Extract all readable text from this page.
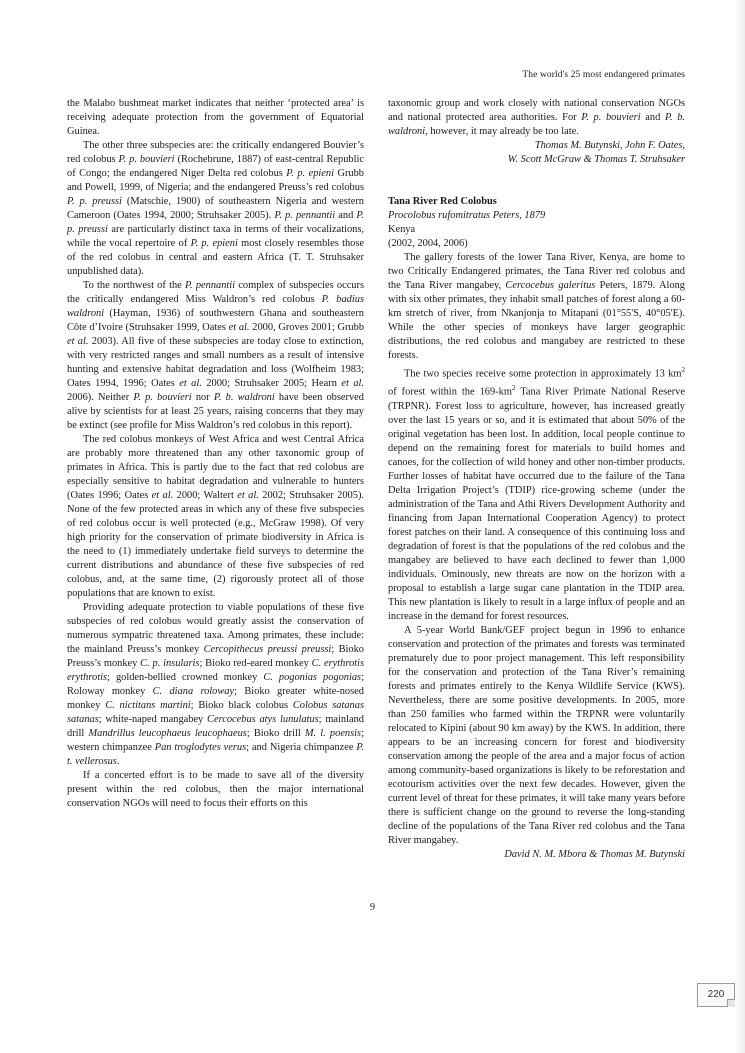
The world's 25 most endangered primates

the Malabo bushmeat market indicates that neither ‘protected area’ is receiving adequate protection from the government of Equatorial Guinea.

The other three subspecies are: the critically endangered Bouvier’s red colobus P. p. bouvieri (Rochebrune, 1887) of east-central Republic of Congo; the endangered Niger Delta red colobus P. p. epieni Grubb and Powell, 1999, of Nigeria; and the endangered Preuss’s red colobus P. p. preussi (Matschie, 1900) of southeastern Nigeria and western Cameroon (Oates 1994, 2000; Struhsaker 2005). P. p. pennantii and P. p. preussi are particularly distinct taxa in terms of their vocalizations, while the vocal repertoire of P. p. epieni most closely resembles those of the red colobus in central and eastern Africa (T. T. Struhsaker unpublished data).

To the northwest of the P. pennantii complex of subspecies occurs the critically endangered Miss Waldron’s red colobus P. badius waldroni (Hayman, 1936) of southwestern Ghana and southeastern Côte d’Ivoire (Struhsaker 1999, Oates et al. 2000, Groves 2001; Grubb et al. 2003). All five of these subspecies are today close to extinction, with very restricted ranges and small numbers as a result of intensive hunting and extensive habitat degradation and loss (Wolfheim 1983; Oates 1994, 1996; Oates et al. 2000; Struhsaker 2005; Hearn et al. 2006). Neither P. p. bouvieri nor P. b. waldroni have been observed alive by scientists for at least 25 years, raising concerns that they may be extinct (see profile for Miss Waldron’s red colobus in this report).

The red colobus monkeys of West Africa and west Central Africa are probably more threatened than any other taxonomic group of primates in Africa. This is partly due to the fact that red colobus are especially sensitive to habitat degradation and vulnerable to hunters (Oates 1996; Oates et al. 2000; Waltert et al. 2002; Struhsaker 2005). None of the few protected areas in which any of these five subspecies of red colobus occur is well protected (e.g., McGraw 1998). Of very high priority for the conservation of primate biodiversity in Africa is the need to (1) immediately undertake field surveys to determine the current distributions and abundance of these five subspecies of red colobus, and, at the same time, (2) rigorously protect all of those populations that are known to exist.

Providing adequate protection to viable populations of these five subspecies of red colobus would greatly assist the conservation of numerous sympatric threatened taxa. Among primates, these include: the mainland Preuss’s monkey Cercopithecus preussi preussi; Bioko Preuss’s monkey C. p. insularis; Bioko red-eared monkey C. erythrotis erythrotis; golden-bellied crowned monkey C. pogonias pogonias; Roloway monkey C. diana roloway; Bioko greater white-nosed monkey C. nictitans martini; Bioko black colobus Colobus satanas satanas; white-naped mangabey Cercocebus atys lunulatus; mainland drill Mandrillus leucophaeus leucophaeus; Bioko drill M. l. poensis; western chimpanzee Pan troglodytes verus; and Nigeria chimpanzee P. t. vellerosus.

If a concerted effort is to be made to save all of the diversity present within the red colobus, then the major international conservation NGOs will need to focus their efforts on this

taxonomic group and work closely with national conservation NGOs and national protected area authorities. For P. p. bouvieri and P. b. waldroni, however, it may already be too late.

Thomas M. Butynski, John F. Oates,

W. Scott McGraw & Thomas T. Struhsaker

Tana River Red Colobus

Procolobus rufomitratus Peters, 1879

Kenya

(2002, 2004, 2006)

The gallery forests of the lower Tana River, Kenya, are home to two Critically Endangered primates, the Tana River red colobus and the Tana River mangabey, Cercocebus galeritus Peters, 1879. Along with six other primates, they inhabit small patches of forest along a 60-km stretch of river, from Nkanjonja to Mitapani (01°55'S, 40°05'E). While the other species of monkeys have larger geographic distributions, the red colobus and mangabey are restricted to these forests.

The two species receive some protection in approximately 13 $km^2$ of forest within the $169-km^2$ Tana River Primate National Reserve (TRPNR). Forest loss to agriculture, however, has increased greatly over the last 15 years or so, and it is estimated that about 50% of the original vegetation has been lost. In addition, local people continue to depend on the remaining forest for materials to build homes and canoes, for the collection of wild honey and other non-timber products. Further losses of habitat have occurred due to the failure of the Tana Delta Irrigation Project’s (TDIP) rice-growing scheme (under the administration of the Tana and Athi Rivers Development Authority and financing from Japan International Cooperation Agency) to protect forest patches on their land. A consequence of this continuing loss and degradation of forest is that the populations of the red colobus and the mangabey are believed to have each declined to fewer than 1,000 individuals. Ominously, new threats are now on the horizon with a proposal to establish a large sugar cane plantation in the TDIP area. This new plantation is likely to result in a large influx of people and an increase in the demand for forest resources.

A 5-year World Bank/GEF project begun in 1996 to enhance conservation and protection of the primates and forests was terminated prematurely due to poor project management. This left responsibility for the conservation and protection of the Tana River’s remaining forests and primates entirely to the Kenya Wildlife Service (KWS). Nevertheless, there are some positive developments. In 2005, more than 250 families who farmed within the TRPNR were voluntarily relocated to Kipini (about 90 km away) by the KWS. In addition, there appears to be an increasing concern for forest and biodiversity conservation among the people of the area and a major focus of action among community-based organizations is likely to be reforestation and ecotourism activities over the next few decades. However, given the current level of threat for these primates, it will take many years before there is sufficient change on the ground to reverse the long-standing decline of the populations of the Tana River red colobus and the Tana River mangabey.

David N. M. Mbora & Thomas M. Butynski

9
220
